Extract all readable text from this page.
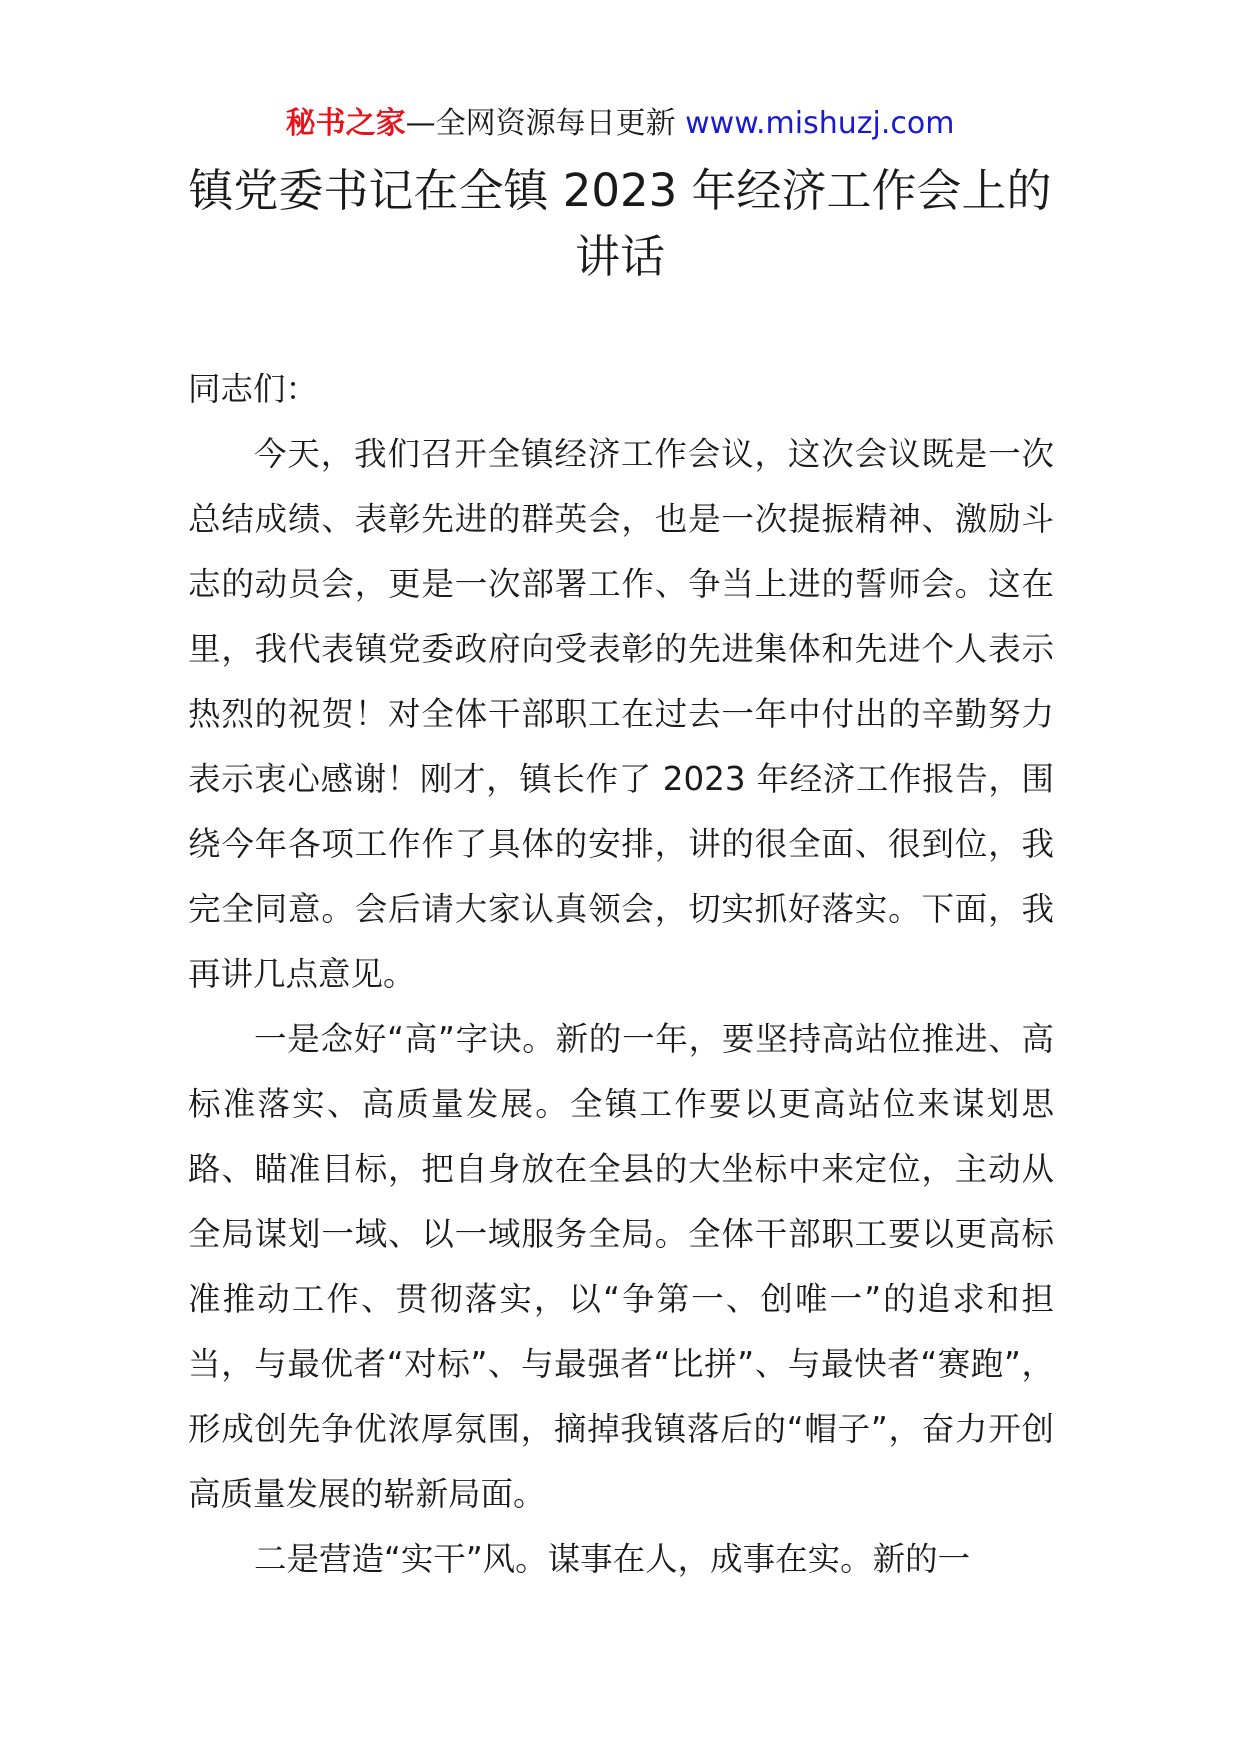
秘书之家—全网资源每日更新 www.mishuzj.com
镇党委书记在全镇 2023 年经济工作会上的
讲话

同志们：

今天，我们召开全镇经济工作会议，这次会议既是一次总结成绩、表彰先进的群英会，也是一次提振精神、激励斗志的动员会，更是一次部署工作、争当上进的誓师会。这在里，我代表镇党委政府向受表彰的先进集体和先进个人表示热烈的祝贺！对全体干部职工在过去一年中付出的辛勤努力表示衷心感谢！刚才，镇长作了 2023 年经济工作报告，围绕今年各项工作作了具体的安排，讲的很全面、很到位，我完全同意。会后请大家认真领会，切实抓好落实。下面，我再讲几点意见。

一是念好“高”字诀。新的一年，要坚持高站位推进、高标准落实、高质量发展。全镇工作要以更高站位来谋划思路、瞄准目标，把自身放在全县的大坐标中来定位，主动从全局谋划一域、以一域服务全局。全体干部职工要以更高标准推动工作、贯彻落实，以“争第一、创唯一”的追求和担当，与最优者“对标”、与最强者“比拼”、与最快者“赛跑”，形成创先争优浓厚氛围，摘掉我镇落后的“帽子”，奋力开创高质量发展的崭新局面。

二是营造“实干”风。谋事在人，成事在实。新的一
